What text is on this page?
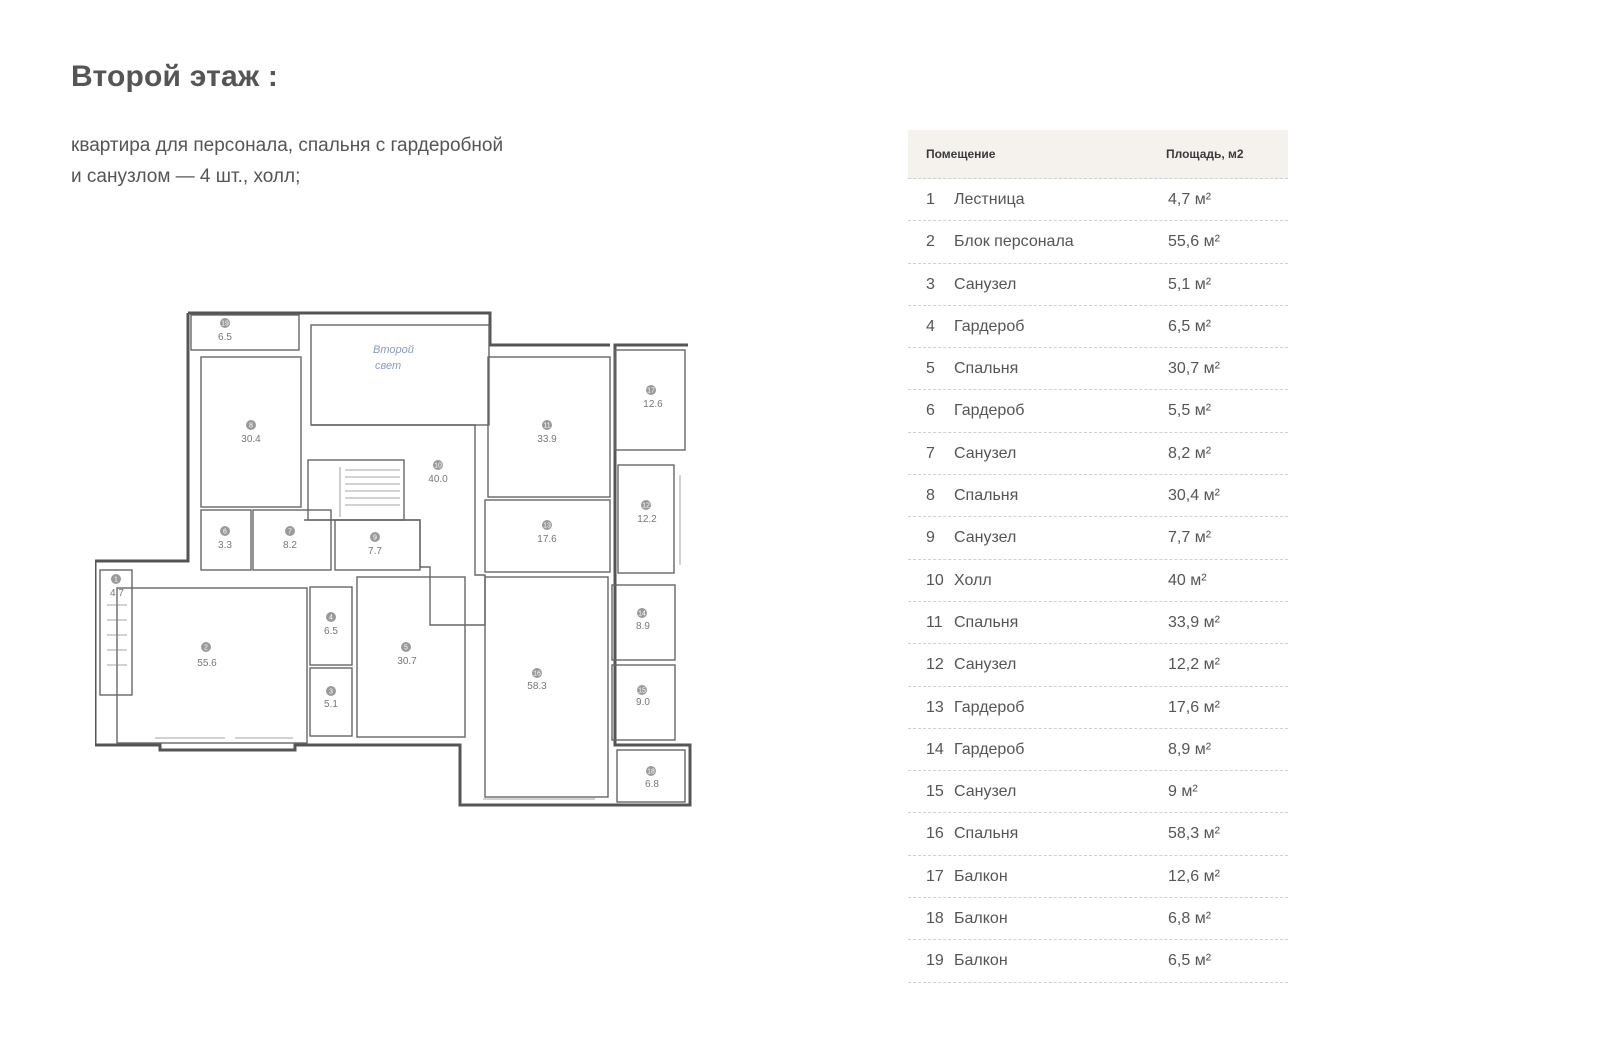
Второй этаж :
квартира для персонала, спальня с гардеробной
и санузлом — 4 шт., холл;
Второй
свет
19
6.5
8
30.4
10
40.0
11
33.9
17
12.6
12
12.2
13
17.6
6
3.3
7
8.2
9
7.7
1
4.7
2
55.6
4
6.5
3
5.1
5
30.7
16
58.3
14
8.9
15
9.0
18
6.8
Помещение	Площадь, м2
1	Лестница	4,7 м²
2	Блок персонала	55,6 м²
3	Санузел	5,1 м²
4	Гардероб	6,5 м²
5	Спальня	30,7 м²
6	Гардероб	5,5 м²
7	Санузел	8,2 м²
8	Спальня	30,4 м²
9	Санузел	7,7 м²
10 Холл	40 м²
11 Спальня	33,9 м²
12 Санузел	12,2 м²
13 Гардероб	17,6 м²
14 Гардероб	8,9 м²
15 Санузел	9 м²
16 Спальня	58,3 м²
17 Балкон	12,6 м²
18 Балкон	6,8 м²
19 Балкон	6,5 м²
